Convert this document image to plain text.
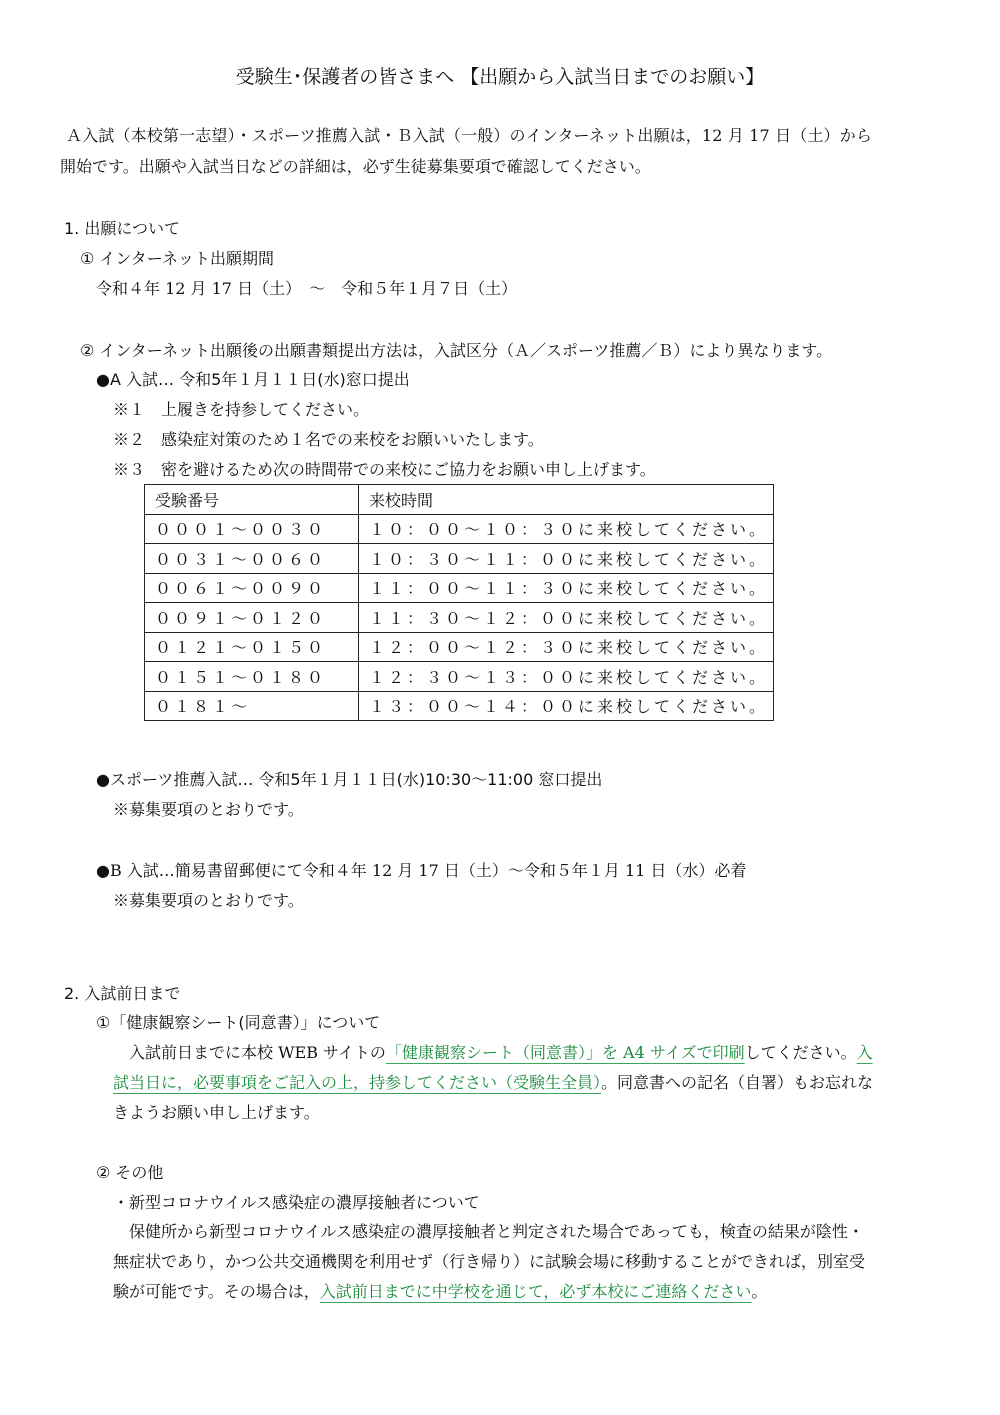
受験生･保護者の皆さまへ 【出願から入試当日までのお願い】
Ａ入試（本校第一志望）・スポーツ推薦入試・Ｂ入試（一般）のインターネット出願は，12 月 17 日（土）から
開始です。出願や入試当日などの詳細は，必ず生徒募集要項で確認してください。
1. 出願について
① インターネット出願期間
令和４年 12 月 17 日（土）　～　令和５年１月７日（土）
② インターネット出願後の出願書類提出方法は，入試区分（Ａ／スポーツ推薦／Ｂ）により異なります。
●A 入試… 令和5年１月１１日(水)窓口提出
※１　上履きを持参してください。
※２　感染症対策のため１名での来校をお願いいたします。
※３　密を避けるため次の時間帯での来校にご協力をお願い申し上げます。
受験番号	来校時間
０００１～００３０	１０：００～１０：３０に来校してください。
００３１～００６０	１０：３０～１１：００に来校してください。
００６１～００９０	１１：００～１１：３０に来校してください。
００９１～０１２０	１１：３０～１２：００に来校してください。
０１２１～０１５０	１２：００～１２：３０に来校してください。
０１５１～０１８０	１２：３０～１３：００に来校してください。
０１８１～	１３：００～１４：００に来校してください。
●スポーツ推薦入試… 令和5年１月１１日(水)10:30～11:00 窓口提出
※募集要項のとおりです。
●B 入試…簡易書留郵便にて令和４年 12 月 17 日（土）～令和５年１月 11 日（水）必着
※募集要項のとおりです。
2. 入試前日まで
①「健康観察シート(同意書）」について
　入試前日までに本校 WEB サイトの「健康観察シート（同意書）」を A4 サイズで印刷してください。入
試当日に，必要事項をご記入の上，持参してください（受験生全員）。同意書への記名（自署）もお忘れな
きようお願い申し上げます。
② その他
・新型コロナウイルス感染症の濃厚接触者について
　保健所から新型コロナウイルス感染症の濃厚接触者と判定された場合であっても，検査の結果が陰性・
無症状であり，かつ公共交通機関を利用せず（行き帰り）に試験会場に移動することができれば，別室受
験が可能です。その場合は，入試前日までに中学校を通じて，必ず本校にご連絡ください。
